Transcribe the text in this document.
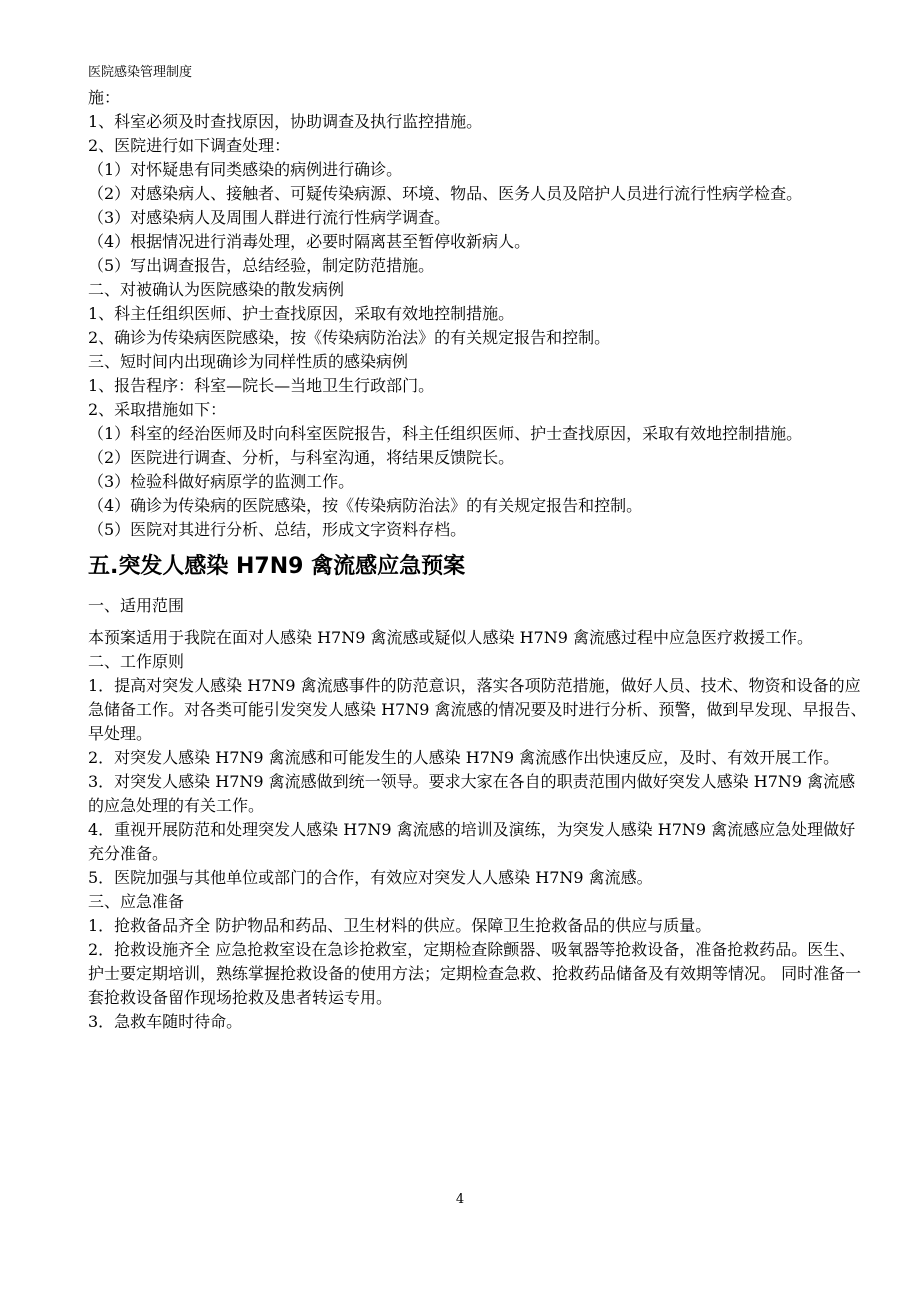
医院感染管理制度
施：
1、科室必须及时查找原因，协助调查及执行监控措施。
2、医院进行如下调查处理：
（1）对怀疑患有同类感染的病例进行确诊。
（2）对感染病人、接触者、可疑传染病源、环境、物品、医务人员及陪护人员进行流行性病学检查。
（3）对感染病人及周围人群进行流行性病学调查。
（4）根据情况进行消毒处理，必要时隔离甚至暂停收新病人。
（5）写出调查报告，总结经验，制定防范措施。
二、对被确认为医院感染的散发病例
1、科主任组织医师、护士查找原因，采取有效地控制措施。
2、确诊为传染病医院感染，按《传染病防治法》的有关规定报告和控制。
三、短时间内出现确诊为同样性质的感染病例
1、报告程序：科室—院长—当地卫生行政部门。
2、采取措施如下：
（1）科室的经治医师及时向科室医院报告，科主任组织医师、护士查找原因，采取有效地控制措施。
（2）医院进行调查、分析，与科室沟通，将结果反馈院长。
（3）检验科做好病原学的监测工作。
（4）确诊为传染病的医院感染，按《传染病防治法》的有关规定报告和控制。
（5）医院对其进行分析、总结，形成文字资料存档。
五.突发人感染 H7N9 禽流感应急预案
一、适用范围
本预案适用于我院在面对人感染 H7N9 禽流感或疑似人感染 H7N9 禽流感过程中应急医疗救援工作。
二、工作原则
1．提高对突发人感染 H7N9 禽流感事件的防范意识，落实各项防范措施，做好人员、技术、物资和设备的应急储备工作。对各类可能引发突发人感染 H7N9 禽流感的情况要及时进行分析、预警，做到早发现、早报告、早处理。
2．对突发人感染 H7N9 禽流感和可能发生的人感染 H7N9 禽流感作出快速反应，及时、有效开展工作。
3．对突发人感染 H7N9 禽流感做到统一领导。要求大家在各自的职责范围内做好突发人感染 H7N9 禽流感的应急处理的有关工作。
4．重视开展防范和处理突发人感染 H7N9 禽流感的培训及演练，为突发人感染 H7N9 禽流感应急处理做好充分准备。
5．医院加强与其他单位或部门的合作，有效应对突发人人感染 H7N9 禽流感。
三、应急准备
1．抢救备品齐全 防护物品和药品、卫生材料的供应。保障卫生抢救备品的供应与质量。
2．抢救设施齐全 应急抢救室设在急诊抢救室，定期检查除颤器、吸氧器等抢救设备，准备抢救药品。医生、护士要定期培训，熟练掌握抢救设备的使用方法；定期检查急救、抢救药品储备及有效期等情况。 同时准备一套抢救设备留作现场抢救及患者转运专用。
3．急救车随时待命。
4
